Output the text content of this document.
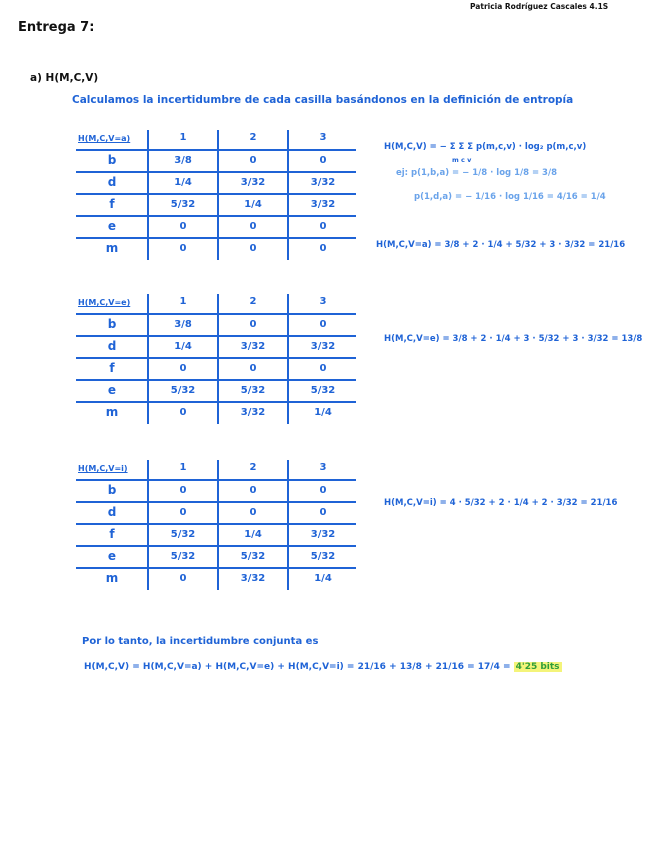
Patricia Rodríguez Cascales 4.1S
Entrega 7:
a) H(M,C,V)
Calculamos la incertidumbre de cada casilla basándonos en la definición de entropía
H(M,C,V=a)	1	2	3
b	3/8	0	0
d	1/4	3/32	3/32
f	5/32	1/4	3/32
e	0	0	0
m	0	0	0
H(M,C,V=e)	1	2	3
b	3/8	0	0
d	1/4	3/32	3/32
f	0	0	0
e	5/32	5/32	5/32
m	0	3/32	1/4
H(M,C,V=i)	1	2	3
b	0	0	0
d	0	0	0
f	5/32	1/4	3/32
e	5/32	5/32	5/32
m	0	3/32	1/4
H(M,C,V) = − Σ Σ Σ p(m,c,v) · log₂ p(m,c,v)
m c v
ej: p(1,b,a) = − 1/8 · log 1/8 = 3/8
p(1,d,a) = − 1/16 · log 1/16 = 4/16 = 1/4
H(M,C,V=a) = 3/8 + 2 · 1/4 + 5/32 + 3 · 3/32 = 21/16
H(M,C,V=e) = 3/8 + 2 · 1/4 + 3 · 5/32 + 3 · 3/32 = 13/8
H(M,C,V=i) = 4 · 5/32 + 2 · 1/4 + 2 · 3/32 = 21/16
Por lo tanto, la incertidumbre conjunta es
H(M,C,V) = H(M,C,V=a) + H(M,C,V=e) + H(M,C,V=i) = 21/16 + 13/8 + 21/16 = 17/4 = 4'25 bits
